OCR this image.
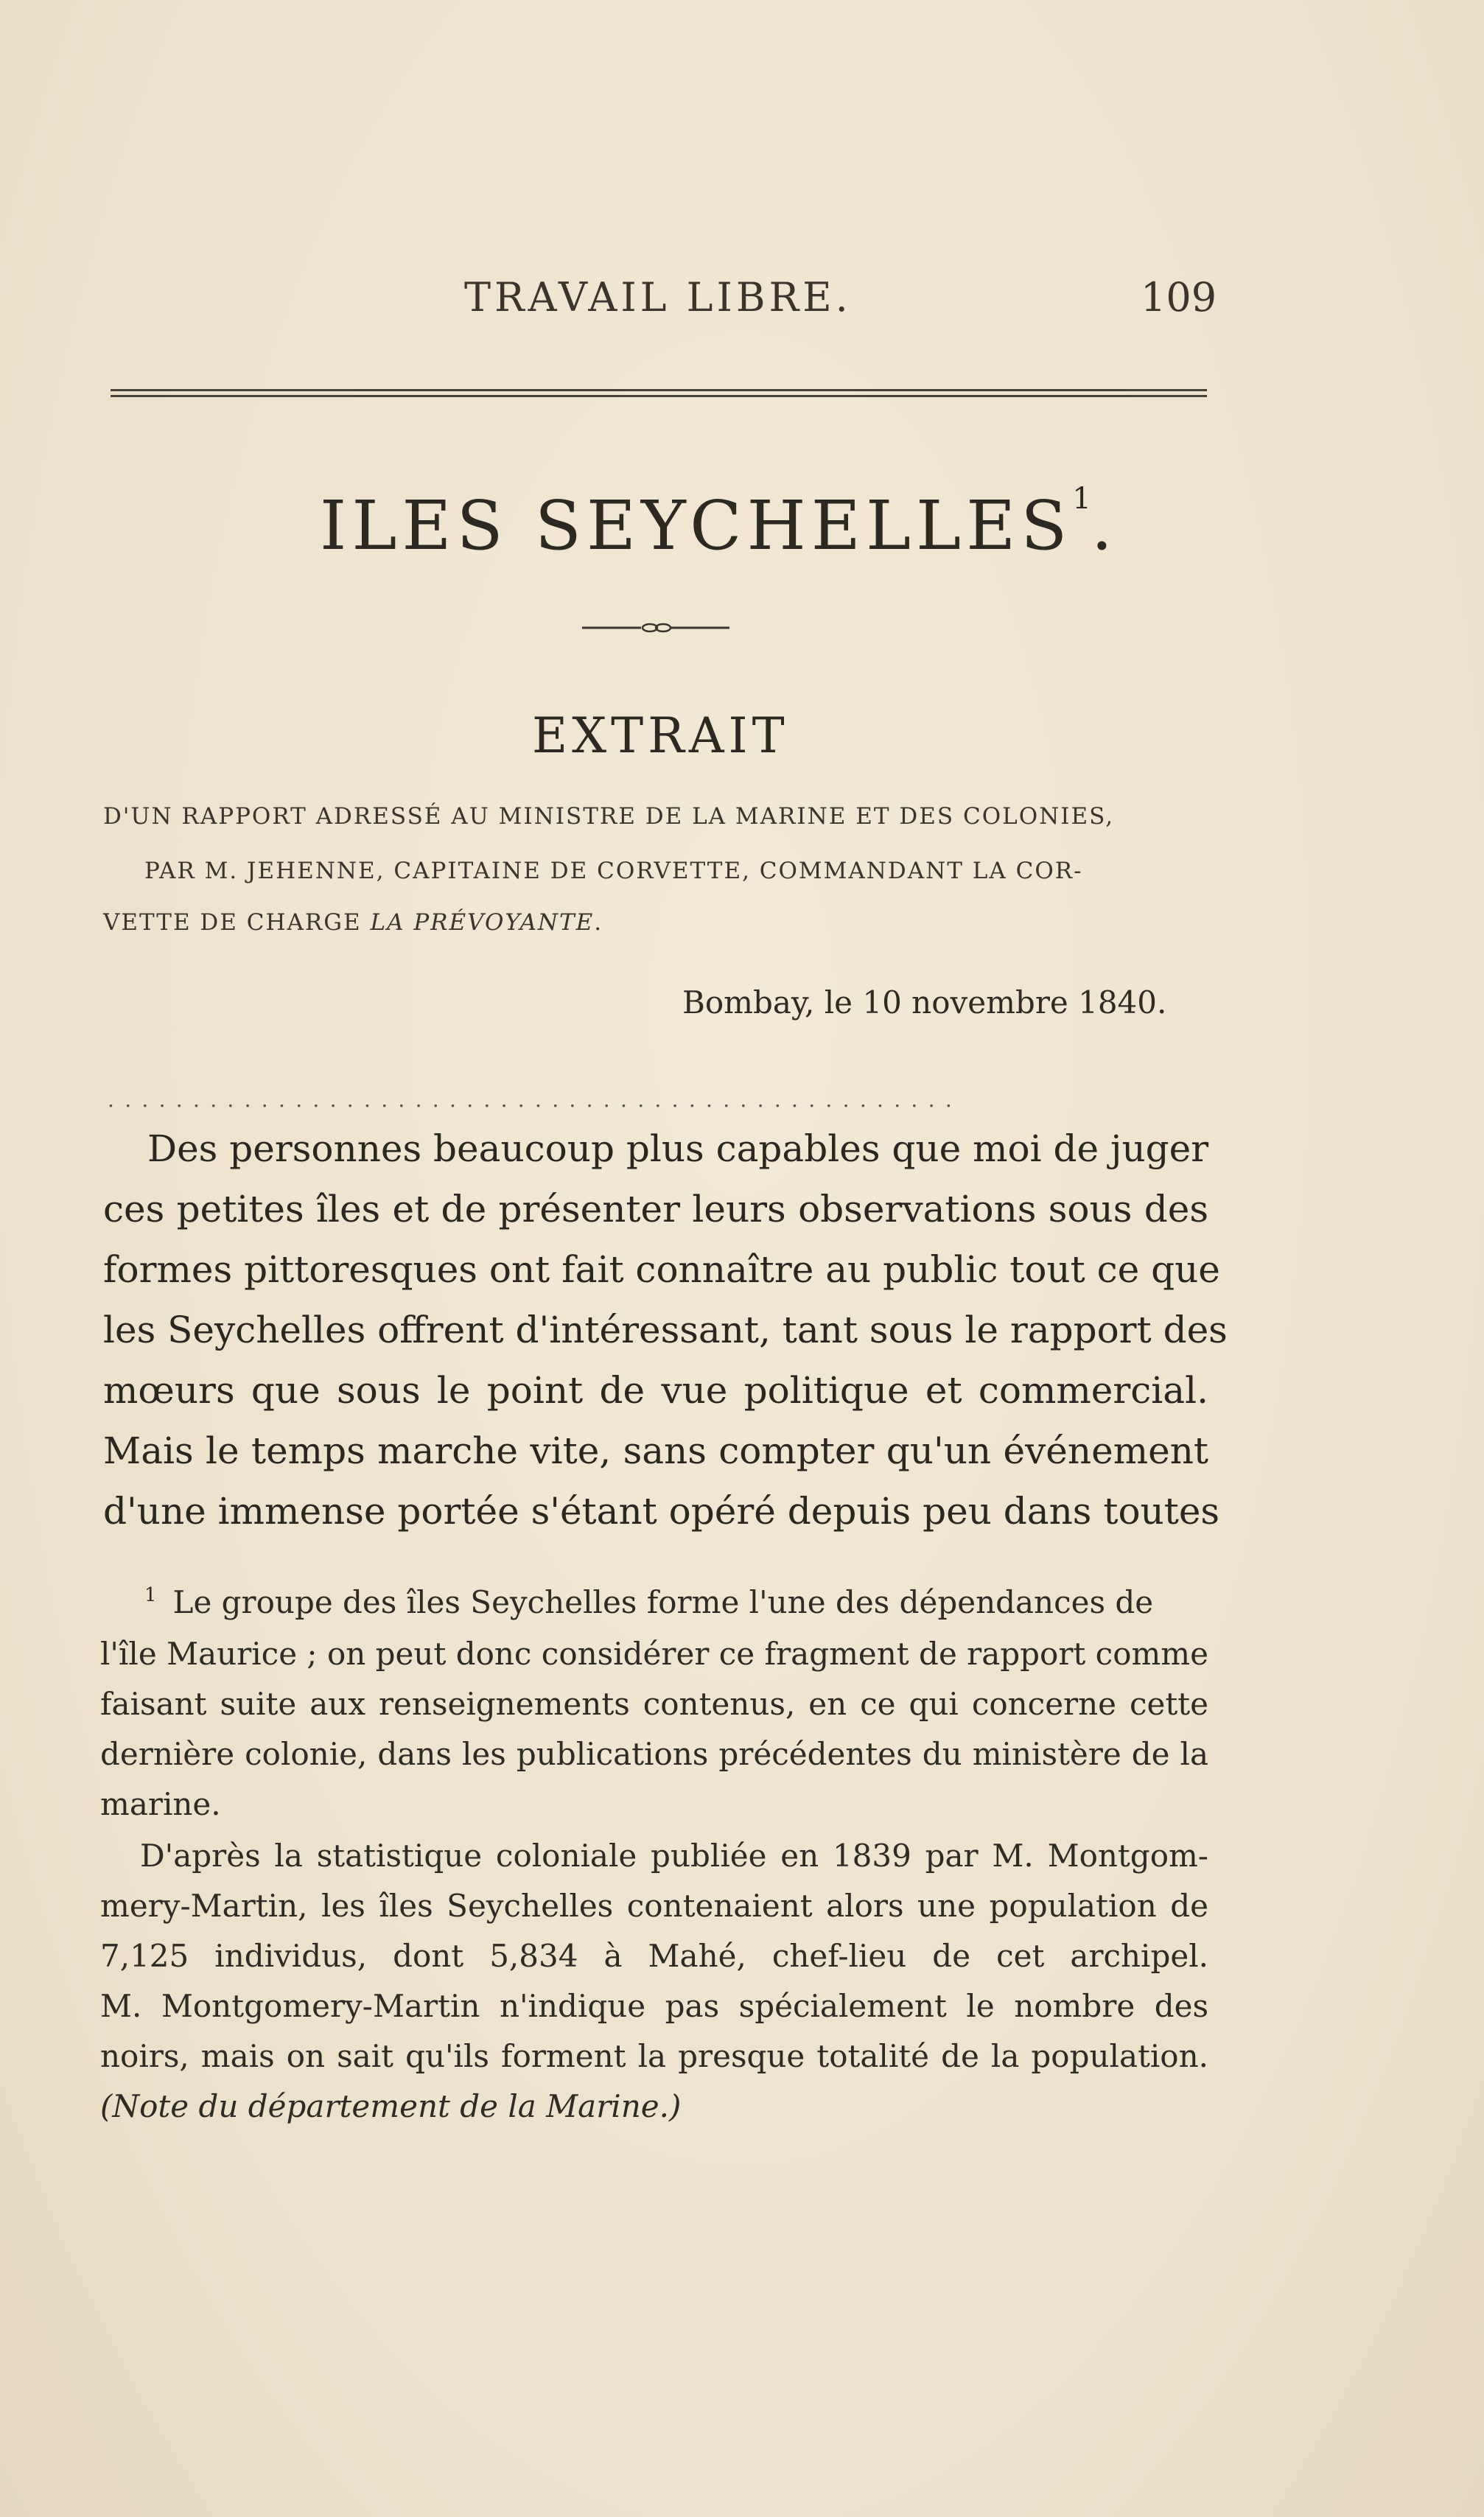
TRAVAIL LIBRE.	109
ILES SEYCHELLES$^1$.
EXTRAIT
D'UN RAPPORT ADRESSÉ AU MINISTRE DE LA MARINE ET DES COLONIES,
PAR M. JEHENNE, CAPITAINE DE CORVETTE, COMMANDANT LA COR-
VETTE DE CHARGE LA PRÉVOYANTE.
Bombay, le 10 novembre 1840.
..................................................
Des personnes beaucoup plus capables que moi de juger
ces petites îles et de présenter leurs observations sous des
formes pittoresques ont fait connaître au public tout ce que
les Seychelles offrent d'intéressant, tant sous le rapport des
mœurs que sous le point de vue politique et commercial.
Mais le temps marche vite, sans compter qu'un événement
d'une immense portée s'étant opéré depuis peu dans toutes
$^1$ Le groupe des îles Seychelles forme l'une des dépendances de
l'île Maurice ; on peut donc considérer ce fragment de rapport comme
faisant suite aux renseignements contenus, en ce qui concerne cette
dernière colonie, dans les publications précédentes du ministère de la
marine.
D'après la statistique coloniale publiée en 1839 par M. Montgom-
mery-Martin, les îles Seychelles contenaient alors une population de
7,125 individus, dont 5,834 à Mahé, chef-lieu de cet archipel.
M. Montgomery-Martin n'indique pas spécialement le nombre des
noirs, mais on sait qu'ils forment la presque totalité de la population.
(Note du département de la Marine.)
